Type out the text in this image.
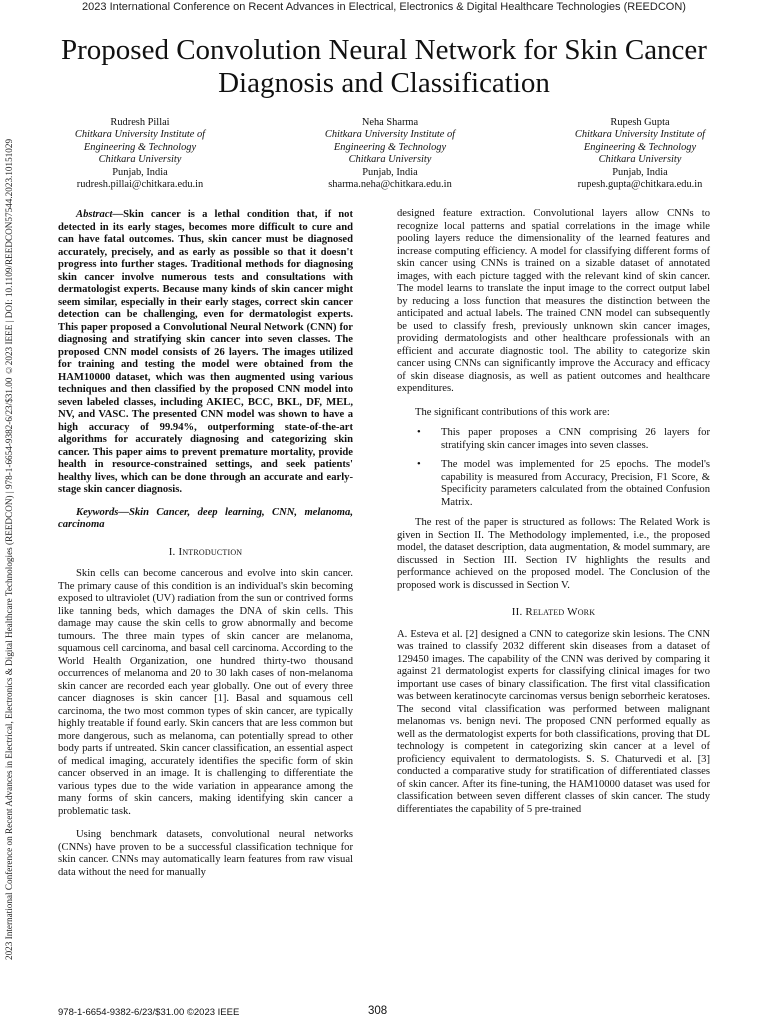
2023 International Conference on Recent Advances in Electrical, Electronics & Digital Healthcare Technologies (REEDCON)
2023 International Conference on Recent Advances in Electrical, Electronics & Digital Healthcare Technologies (REEDCON) | 978-1-6654-9382-6/23/$31.00 ©2023 IEEE | DOI: 10.1109/REEDCON57544.2023.10151029
Proposed Convolution Neural Network for Skin Cancer Diagnosis and Classification
Rudresh Pillai
Chitkara University Institute of
Engineering & Technology
Chitkara University
Punjab, India
rudresh.pillai@chitkara.edu.in
Neha Sharma
Chitkara University Institute of
Engineering & Technology
Chitkara University
Punjab, India
sharma.neha@chitkara.edu.in
Rupesh Gupta
Chitkara University Institute of
Engineering & Technology
Chitkara University
Punjab, India
rupesh.gupta@chitkara.edu.in

Abstract—Skin cancer is a lethal condition that, if not detected in its early stages, becomes more difficult to cure and can have fatal outcomes. Thus, skin cancer must be diagnosed accurately, precisely, and as early as possible so that it doesn't progress into further stages. Traditional methods for diagnosing skin cancer involve numerous tests and consultations with dermatologist experts. Because many kinds of skin cancer might seem similar, especially in their early stages, correct skin cancer detection can be challenging, even for dermatologist experts. This paper proposed a Convolutional Neural Network (CNN) for diagnosing and stratifying skin cancer into seven classes. The proposed CNN model consists of 26 layers. The images utilized for training and testing the model were obtained from the HAM10000 dataset, which was then augmented using various techniques and then classified by the proposed CNN model into seven labeled classes, including AKIEC, BCC, BKL, DF, MEL, NV, and VASC. The presented CNN model was shown to have a high accuracy of 99.94%, outperforming state-of-the-art algorithms for accurately diagnosing and categorizing skin cancer. This paper aims to prevent premature mortality, provide health in resource-constrained settings, and seek patients' healthy lives, which can be done through an accurate and early-stage skin cancer diagnosis.

Keywords—Skin Cancer, deep learning, CNN, melanoma, carcinoma

I. Introduction

Skin cells can become cancerous and evolve into skin cancer. The primary cause of this condition is an individual's skin becoming exposed to ultraviolet (UV) radiation from the sun or contrived forms like tanning beds, which damages the DNA of skin cells. This damage may cause the skin cells to grow abnormally and become tumours. The three main types of skin cancer are melanoma, squamous cell carcinoma, and basal cell carcinoma. According to the World Health Organization, one hundred thirty-two thousand occurrences of melanoma and 20 to 30 lakh cases of non-melanoma skin cancer are recorded each year globally. One out of every three cancer diagnoses is skin cancer [1]. Basal and squamous cell carcinoma, the two most common types of skin cancer, are typically highly treatable if found early. Skin cancers that are less common but more dangerous, such as melanoma, can potentially spread to other body parts if untreated. Skin cancer classification, an essential aspect of medical imaging, accurately identifies the specific form of skin cancer observed in an image. It is challenging to differentiate the various types due to the wide variation in appearance among the many forms of skin cancers, making identifying skin cancer a problematic task.

Using benchmark datasets, convolutional neural networks (CNNs) have proven to be a successful classification technique for skin cancer. CNNs may automatically learn features from raw visual data without the need for manually

designed feature extraction. Convolutional layers allow CNNs to recognize local patterns and spatial correlations in the image while pooling layers reduce the dimensionality of the learned features and increase computing efficiency. A model for classifying different forms of skin cancer using CNNs is trained on a sizable dataset of annotated images, with each picture tagged with the relevant kind of skin cancer. The model learns to translate the input image to the correct output label by reducing a loss function that measures the distinction between the anticipated and actual labels. The trained CNN model can subsequently be used to classify fresh, previously unknown skin cancer images, providing dermatologists and other healthcare professionals with an efficient and accurate diagnostic tool. The ability to categorize skin cancer using CNNs can significantly improve the Accuracy and efficacy of skin disease diagnosis, as well as patient outcomes and healthcare expenditures.

The significant contributions of this work are:

• This paper proposes a CNN comprising 26 layers for stratifying skin cancer images into seven classes.
• The model was implemented for 25 epochs. The model's capability is measured from Accuracy, Precision, F1 Score, & Specificity parameters calculated from the obtained Confusion Matrix.

The rest of the paper is structured as follows: The Related Work is given in Section II. The Methodology implemented, i.e., the proposed model, the dataset description, data augmentation, & model summary, are discussed in Section III. Section IV highlights the results and performance achieved on the proposed model. The Conclusion of the proposed work is discussed in Section V.

II. Related Work

A. Esteva et al. [2] designed a CNN to categorize skin lesions. The CNN was trained to classify 2032 different skin diseases from a dataset of 129450 images. The capability of the CNN was derived by comparing it against 21 dermatologist experts for classifying clinical images for two important use cases of binary classification. The first vital classification was between keratinocyte carcinomas versus benign seborrheic keratoses. The second vital classification was performed between malignant melanomas vs. benign nevi. The proposed CNN performed equally as well as the dermatologist experts for both classifications, proving that DL technology is competent in categorizing skin cancer at a level of proficiency equivalent to dermatologists. S. S. Chaturvedi et al. [3] conducted a comparative study for stratification of differentiated classes of skin cancer. After its fine-tuning, the HAM10000 dataset was used for classification between seven different classes of skin cancer. The study differentiates the capability of 5 pre-trained

978-1-6654-9382-6/23/$31.00 ©2023 IEEE	308
